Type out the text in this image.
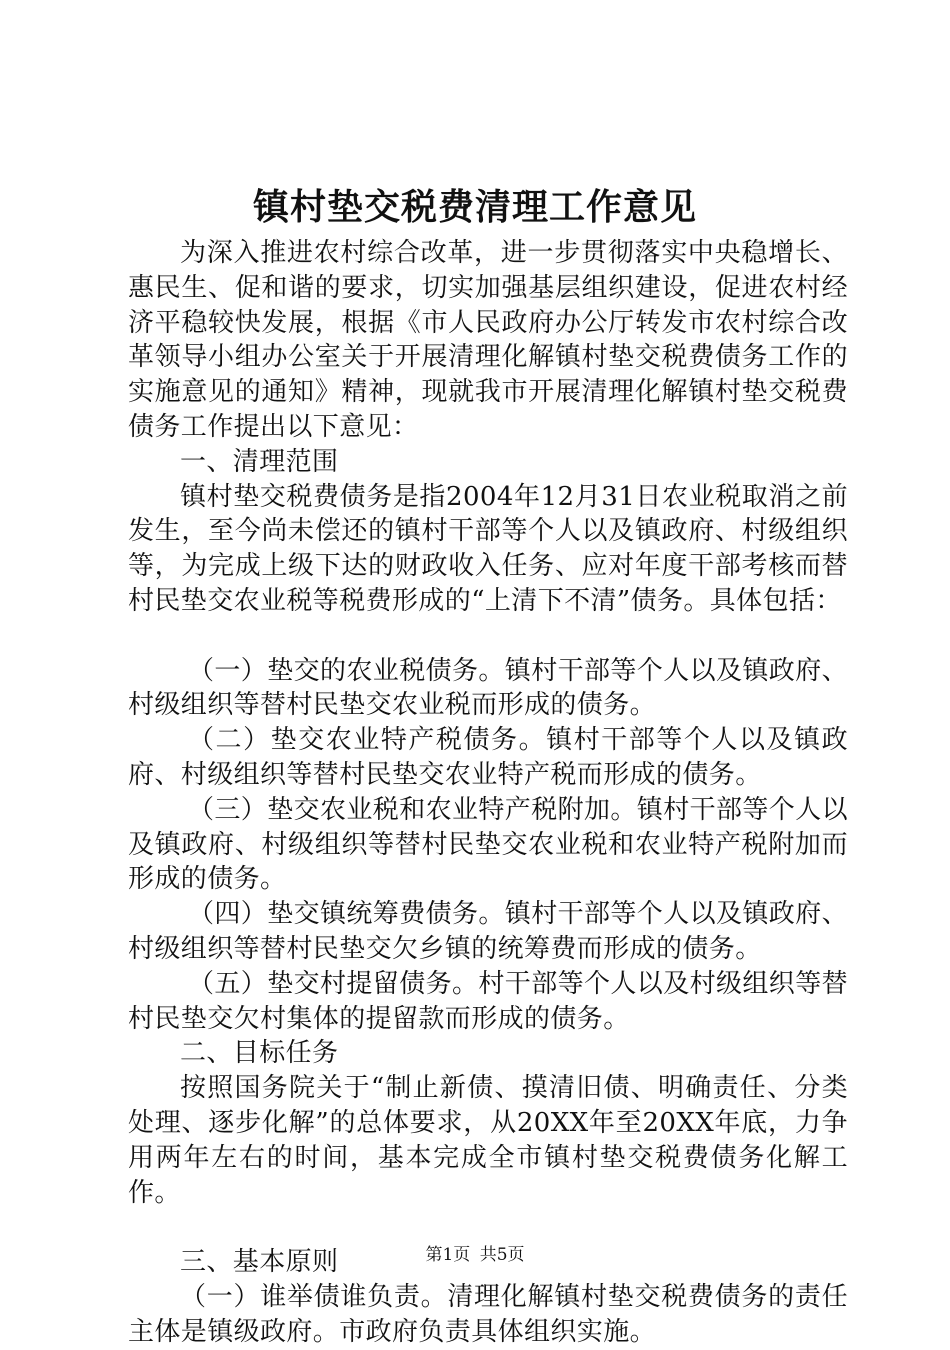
镇村垫交税费清理工作意见

为深入推进农村综合改革，进一步贯彻落实中央稳增长、惠民生、促和谐的要求，切实加强基层组织建设，促进农村经济平稳较快发展，根据《市人民政府办公厅转发市农村综合改革领导小组办公室关于开展清理化解镇村垫交税费债务工作的实施意见的通知》精神，现就我市开展清理化解镇村垫交税费债务工作提出以下意见：

一、清理范围

镇村垫交税费债务是指2004年12月31日农业税取消之前发生，至今尚未偿还的镇村干部等个人以及镇政府、村级组织等，为完成上级下达的财政收入任务、应对年度干部考核而替村民垫交农业税等税费形成的“上清下不清”债务。具体包括：

（一）垫交的农业税债务。镇村干部等个人以及镇政府、村级组织等替村民垫交农业税而形成的债务。

（二）垫交农业特产税债务。镇村干部等个人以及镇政府、村级组织等替村民垫交农业特产税而形成的债务。

（三）垫交农业税和农业特产税附加。镇村干部等个人以及镇政府、村级组织等替村民垫交农业税和农业特产税附加而形成的债务。

（四）垫交镇统筹费债务。镇村干部等个人以及镇政府、村级组织等替村民垫交欠乡镇的统筹费而形成的债务。

（五）垫交村提留债务。村干部等个人以及村级组织等替村民垫交欠村集体的提留款而形成的债务。

二、目标任务

按照国务院关于“制止新债、摸清旧债、明确责任、分类处理、逐步化解”的总体要求，从20XX年至20XX年底，力争用两年左右的时间，基本完成全市镇村垫交税费债务化解工作。

三、基本原则

（一）谁举债谁负责。清理化解镇村垫交税费债务的责任主体是镇级政府。市政府负责具体组织实施。

第1页 共5页
